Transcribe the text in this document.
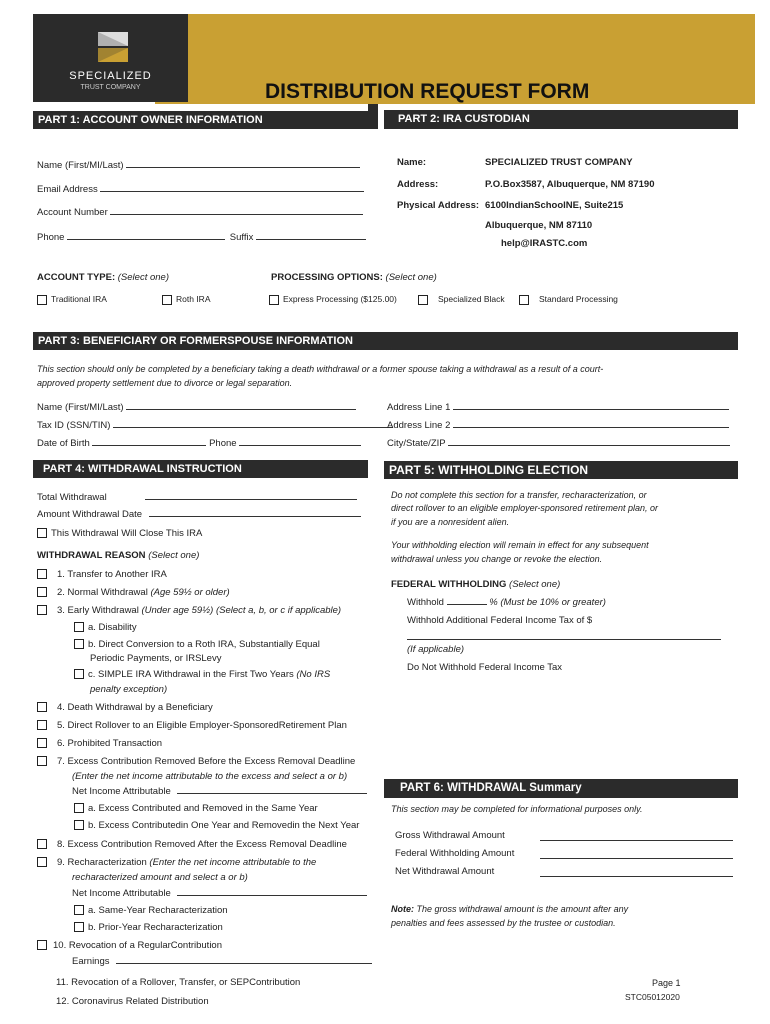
SPECIALIZED
TRUST COMPANY	DISTRIBUTION REQUEST FORM
PART 1: ACCOUNT OWNER INFORMATION	PART 2: IRA CUSTODIAN
Name (First/MI/Last)
Email Address
Account Number
Phone	Suffix
Name:	SPECIALIZED TRUST COMPANY
Address:	P.O.Box3587, Albuquerque, NM 87190
Physical Address: 6100IndianSchoolNE, Suite215
Albuquerque, NM 87110
help@IRASTC.com
ACCOUNT TYPE: (Select one)
Traditional IRA	Roth IRA
PROCESSING OPTIONS: (Select one)
Express Processing ($125.00)	Specialized Black	Standard Processing
PART 3: BENEFICIARY OR FORMERSPOUSE INFORMATION
This section should only be completed by a beneficiary taking a death withdrawal or a former spouse taking a withdrawal as a result of a court-
approved property settlement due to divorce or legal separation.
Name (First/MI/Last)
Tax ID (SSN/TIN)
Date of Birth	Phone
Address Line 1
Address Line 2
City/State/ZIP
PART 4: WITHDRAWAL INSTRUCTION	PART 5: WITHHOLDING ELECTION
Total Withdrawal
Amount Withdrawal Date
This Withdrawal Will Close This IRA
WITHDRAWAL REASON (Select one)
1. Transfer to Another IRA
2. Normal Withdrawal (Age 59½ or older)
3. Early Withdrawal (Under age 59½) (Select a, b, or c if applicable)
a. Disability
b. Direct Conversion to a Roth IRA, Substantially Equal
Periodic Payments, or IRSLevy
c. SIMPLE IRA Withdrawal in the First Two Years (No IRS
penalty exception)
4. Death Withdrawal by a Beneficiary
5. Direct Rollover to an Eligible Employer-SponsoredRetirement Plan
6. Prohibited Transaction
7. Excess Contribution Removed Before the Excess Removal Deadline
(Enter the net income attributable to the excess and select a or b)
Net Income Attributable
a. Excess Contributed and Removed in the Same Year
b. Excess Contributedin One Year and Removedin the Next Year
8. Excess Contribution Removed After the Excess Removal Deadline
9. Recharacterization (Enter the net income attributable to the
recharacterized amount and select a or b)
Net Income Attributable
a. Same-Year Recharacterization
b. Prior-Year Recharacterization
10. Revocation of a RegularContribution
Earnings
11. Revocation of a Rollover, Transfer, or SEPContribution
12. Coronavirus Related Distribution
Do not complete this section for a transfer, recharacterization, or
direct rollover to an eligible employer-sponsored retirement plan, or
if you are a nonresident alien.
Your withholding election will remain in effect for any subsequent
withdrawal unless you change or revoke the election.
FEDERAL WITHHOLDING (Select one)
Withhold	% (Must be 10% or greater)
Withhold Additional Federal Income Tax of $
(If applicable)
Do Not Withhold Federal Income Tax
PART 6: WITHDRAWAL Summary
This section may be completed for informational purposes only.
Gross Withdrawal Amount
Federal Withholding Amount
Net Withdrawal Amount
Note: The gross withdrawal amount is the amount after any
penalties and fees assessed by the trustee or custodian.
Page 1
STC05012020
